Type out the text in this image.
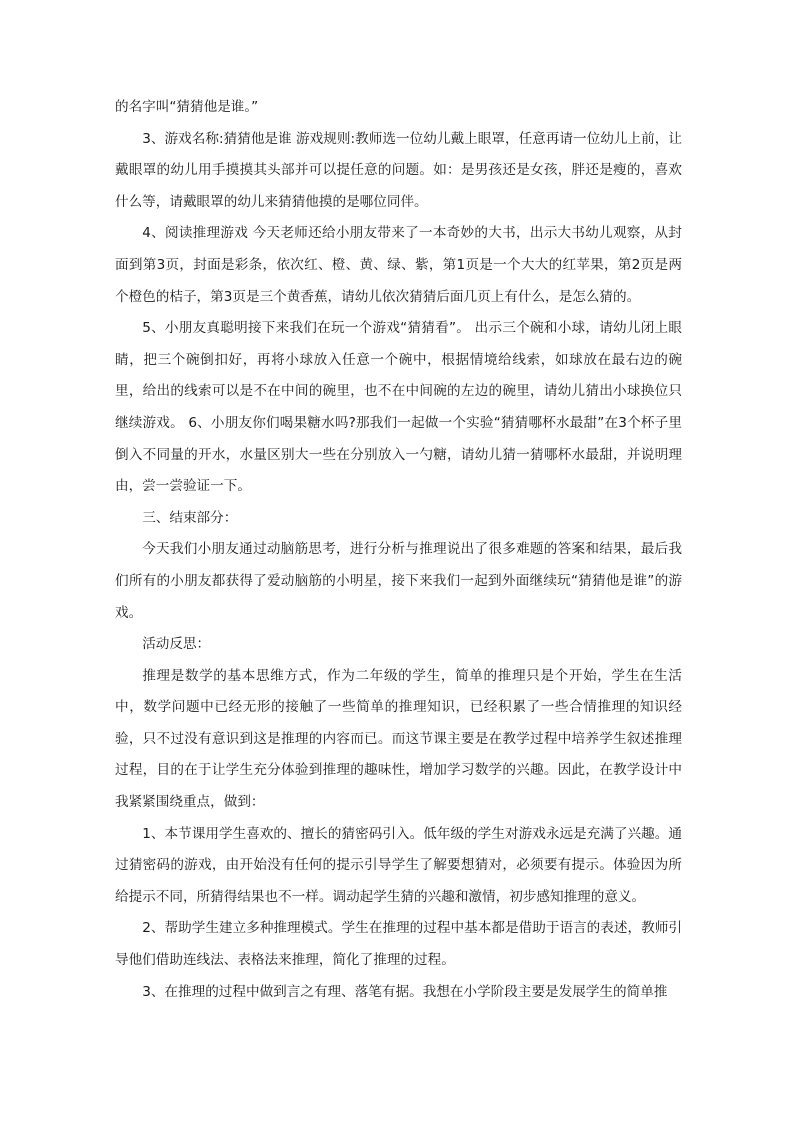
的名字叫“猜猜他是谁。”

3、游戏名称:猜猜他是谁 游戏规则:教师选一位幼儿戴上眼罩，任意再请一位幼儿上前，让戴眼罩的幼儿用手摸摸其头部并可以提任意的问题。如：是男孩还是女孩，胖还是瘦的，喜欢什么等，请戴眼罩的幼儿来猜猜他摸的是哪位同伴。

4、阅读推理游戏 今天老师还给小朋友带来了一本奇妙的大书，出示大书幼儿观察，从封面到第3页，封面是彩条，依次红、橙、黄、绿、紫，第1页是一个大大的红苹果，第2页是两个橙色的桔子，第3页是三个黄香蕉，请幼儿依次猜猜后面几页上有什么，是怎么猜的。

5、小朋友真聪明接下来我们在玩一个游戏“猜猜看”。 出示三个碗和小球，请幼儿闭上眼睛，把三个碗倒扣好，再将小球放入任意一个碗中，根据情境给线索，如球放在最右边的碗里，给出的线索可以是不在中间的碗里，也不在中间碗的左边的碗里，请幼儿猜出小球换位只继续游戏。 6、小朋友你们喝果糖水吗?那我们一起做一个实验“猜猜哪杯水最甜”在3个杯子里倒入不同量的开水，水量区别大一些在分别放入一勺糖，请幼儿猜一猜哪杯水最甜，并说明理由，尝一尝验证一下。

三、结束部分：

今天我们小朋友通过动脑筋思考，进行分析与推理说出了很多难题的答案和结果，最后我们所有的小朋友都获得了爱动脑筋的小明星，接下来我们一起到外面继续玩“猜猜他是谁”的游戏。

活动反思：

推理是数学的基本思维方式，作为二年级的学生，简单的推理只是个开始，学生在生活中，数学问题中已经无形的接触了一些简单的推理知识，已经积累了一些合情推理的知识经验，只不过没有意识到这是推理的内容而已。而这节课主要是在教学过程中培养学生叙述推理过程，目的在于让学生充分体验到推理的趣味性，增加学习数学的兴趣。因此，在教学设计中我紧紧围绕重点，做到：

1、本节课用学生喜欢的、擅长的猜密码引入。低年级的学生对游戏永远是充满了兴趣。通过猜密码的游戏，由开始没有任何的提示引导学生了解要想猜对，必须要有提示。体验因为所给提示不同，所猜得结果也不一样。调动起学生猜的兴趣和激情，初步感知推理的意义。

2、帮助学生建立多种推理模式。学生在推理的过程中基本都是借助于语言的表述，教师引导他们借助连线法、表格法来推理，简化了推理的过程。

3、在推理的过程中做到言之有理、落笔有据。我想在小学阶段主要是发展学生的简单推
